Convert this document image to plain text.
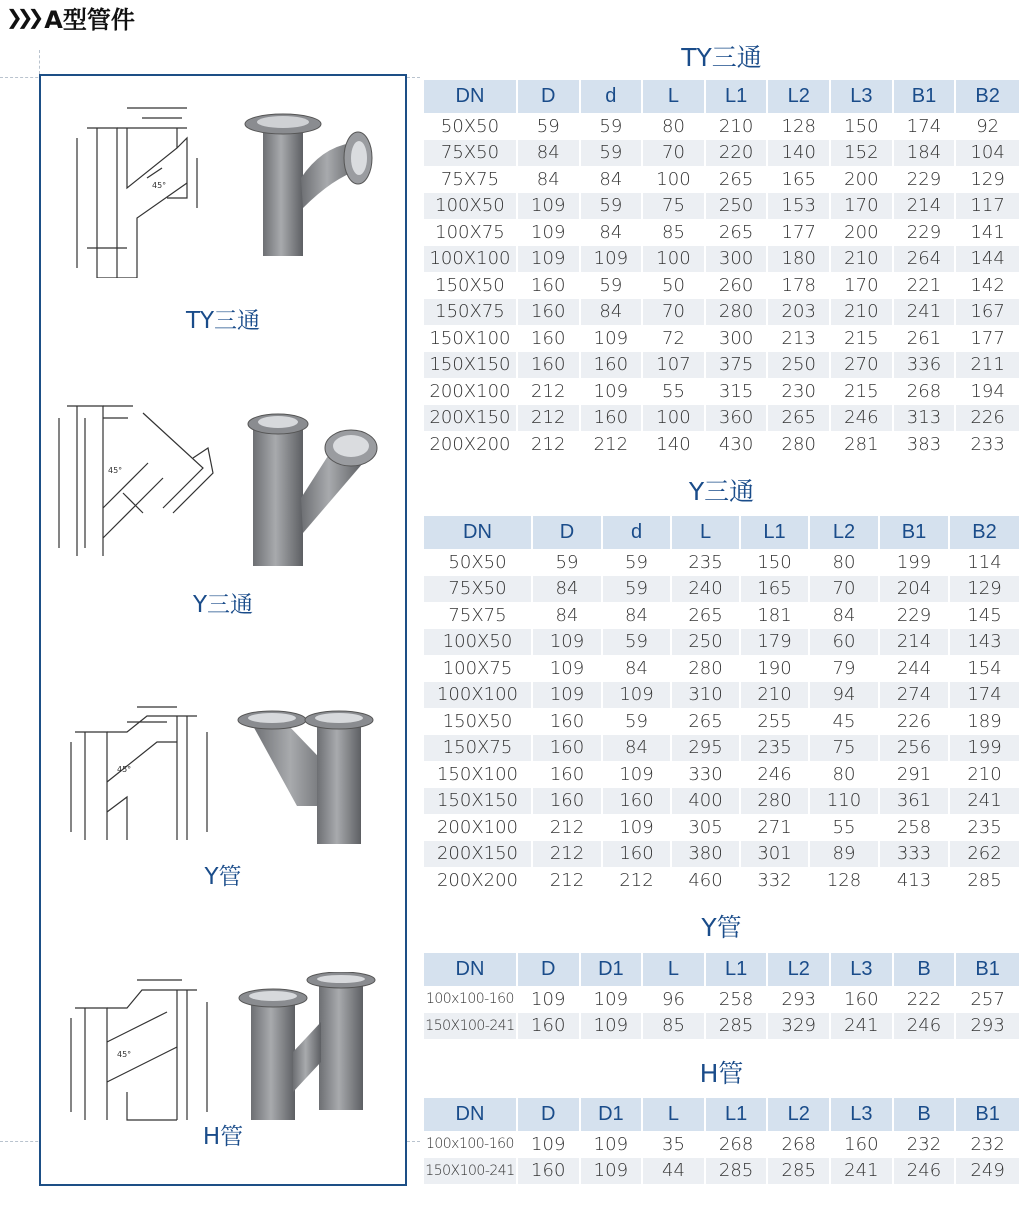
❯❯❯ A型管件
45°
TY三通
45°
Y三通
45°
Y管
45°
H管
TY三通
Y三通
Y管
H管
DN	D	d	L	L1	L2	L3	B1	B2
50X50	59	59	80	210	128	150	174	92
75X50	84	59	70	220	140	152	184	104
75X75	84	84	100	265	165	200	229	129
100X50	109	59	75	250	153	170	214	117
100X75	109	84	85	265	177	200	229	141
100X100	109	109	100	300	180	210	264	144
150X50	160	59	50	260	178	170	221	142
150X75	160	84	70	280	203	210	241	167
150X100	160	109	72	300	213	215	261	177
150X150	160	160	107	375	250	270	336	211
200X100	212	109	55	315	230	215	268	194
200X150	212	160	100	360	265	246	313	226
200X200	212	212	140	430	280	281	383	233
DN	D	d	L	L1	L2	B1	B2
50X50	59	59	235	150	80	199	114
75X50	84	59	240	165	70	204	129
75X75	84	84	265	181	84	229	145
100X50	109	59	250	179	60	214	143
100X75	109	84	280	190	79	244	154
100X100	109	109	310	210	94	274	174
150X50	160	59	265	255	45	226	189
150X75	160	84	295	235	75	256	199
150X100	160	109	330	246	80	291	210
150X150	160	160	400	280	110	361	241
200X100	212	109	305	271	55	258	235
200X150	212	160	380	301	89	333	262
200X200	212	212	460	332	128	413	285
DN	D	D1	L	L1	L2	L3	B	B1
100x100-160	109	109	96	258	293	160	222	257
150X100-241	160	109	85	285	329	241	246	293
DN	D	D1	L	L1	L2	L3	B	B1
100x100-160	109	109	35	268	268	160	232	232
150X100-241	160	109	44	285	285	241	246	249
